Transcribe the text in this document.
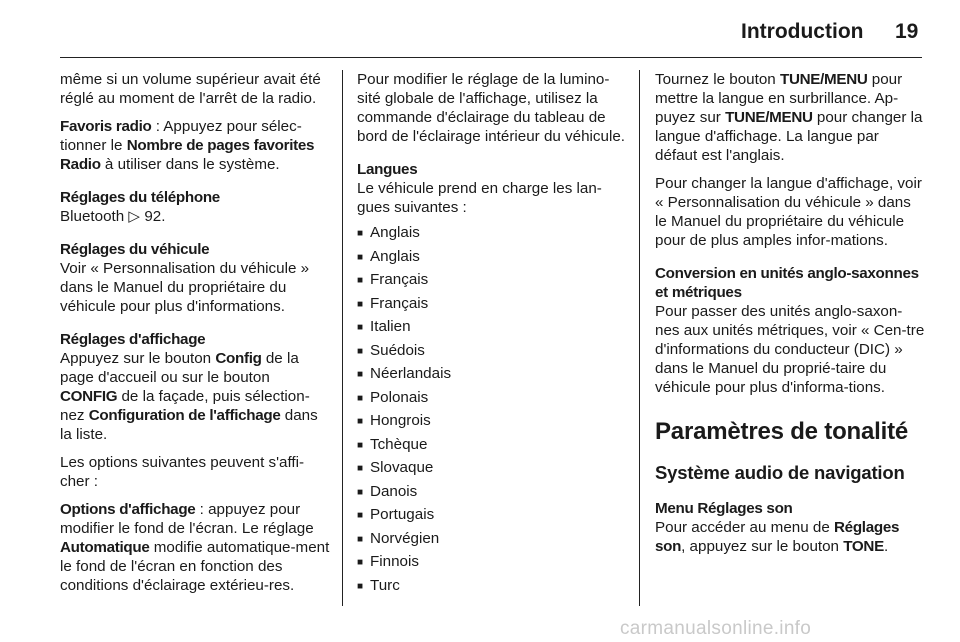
Introduction 19

même si un volume supérieur avait été réglé au moment de l'arrêt de la radio.

Favoris radio : Appuyez pour sélec-tionner le Nombre de pages favorites Radio à utiliser dans le système.

Réglages du téléphone
Bluetooth ▷ 92.

Réglages du véhicule
Voir « Personnalisation du véhicule » dans le Manuel du propriétaire du véhicule pour plus d'informations.

Réglages d'affichage
Appuyez sur le bouton Config de la page d'accueil ou sur le bouton CONFIG de la façade, puis sélection-nez Configuration de l'affichage dans la liste.

Les options suivantes peuvent s'affi-cher :

Options d'affichage : appuyez pour modifier le fond de l'écran. Le réglage Automatique modifie automatique-ment le fond de l'écran en fonction des conditions d'éclairage extérieu-res.

Pour modifier le réglage de la lumino-sité globale de l'affichage, utilisez la commande d'éclairage du tableau de bord de l'éclairage intérieur du véhicule.

Langues
Le véhicule prend en charge les lan-gues suivantes :

■ Anglais
■ Anglais
■ Français
■ Français
■ Italien
■ Suédois
■ Néerlandais
■ Polonais
■ Hongrois
■ Tchèque
■ Slovaque
■ Danois
■ Portugais
■ Norvégien
■ Finnois
■ Turc

Tournez le bouton TUNE/MENU pour mettre la langue en surbrillance. Ap-puyez sur TUNE/MENU pour changer la langue d'affichage. La langue par défaut est l'anglais.

Pour changer la langue d'affichage, voir « Personnalisation du véhicule » dans le Manuel du propriétaire du véhicule pour de plus amples infor-mations.

Conversion en unités anglo-saxonnes et métriques
Pour passer des unités anglo-saxon-nes aux unités métriques, voir « Cen-tre d'informations du conducteur (DIC) » dans le Manuel du proprié-taire du véhicule pour plus d'informa-tions.

Paramètres de tonalité
Système audio de navigation

Menu Réglages son
Pour accéder au menu de Réglages son, appuyez sur le bouton TONE.

carmanualsonline.info
